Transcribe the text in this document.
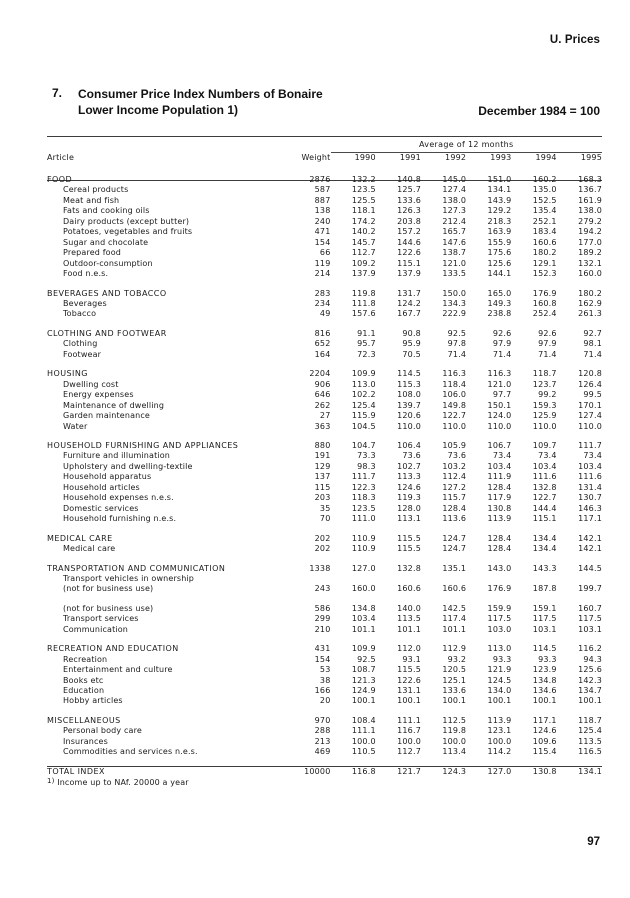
U. Prices
7.	Consumer Price Index Numbers of Bonaire
Lower Income Population 1)	December 1984 = 100
		Average of 12 months					

Article	Weight	1990	1991	1992	1993	1994	1995

FOOD	2876	132.2	140.8	145.0	151.0	160.2	168.3
Cereal products	587	123.5	125.7	127.4	134.1	135.0	136.7
Meat and fish	887	125.5	133.6	138.0	143.9	152.5	161.9
Fats and cooking oils	138	118.1	126.3	127.3	129.2	135.4	138.0
Dairy products (except butter)	240	174.2	203.8	212.4	218.3	252.1	279.2
Potatoes, vegetables and fruits	471	140.2	157.2	165.7	163.9	183.4	194.2
Sugar and chocolate	154	145.7	144.6	147.6	155.9	160.6	177.0
Prepared food	66	112.7	122.6	138.7	175.6	180.2	189.2
Outdoor-consumption	119	109.2	115.1	121.0	125.6	129.1	132.1
Food n.e.s.	214	137.9	137.9	133.5	144.1	152.3	160.0

BEVERAGES AND TOBACCO	283	119.8	131.7	150.0	165.0	176.9	180.2
Beverages	234	111.8	124.2	134.3	149.3	160.8	162.9
Tobacco	49	157.6	167.7	222.9	238.8	252.4	261.3

CLOTHING AND FOOTWEAR	816	91.1	90.8	92.5	92.6	92.6	92.7
Clothing	652	95.7	95.9	97.8	97.9	97.9	98.1
Footwear	164	72.3	70.5	71.4	71.4	71.4	71.4

HOUSING	2204	109.9	114.5	116.3	116.3	118.7	120.8
Dwelling cost	906	113.0	115.3	118.4	121.0	123.7	126.4
Energy expenses	646	102.2	108.0	106.0	97.7	99.2	99.5
Maintenance of dwelling	262	125.4	139.7	149.8	150.1	159.3	170.1
Garden maintenance	27	115.9	120.6	122.7	124.0	125.9	127.4
Water	363	104.5	110.0	110.0	110.0	110.0	110.0

HOUSEHOLD FURNISHING AND APPLIANCES	880	104.7	106.4	105.9	106.7	109.7	111.7
Furniture and illumination	191	73.3	73.6	73.6	73.4	73.4	73.4
Upholstery and dwelling-textile	129	98.3	102.7	103.2	103.4	103.4	103.4
Household apparatus	137	111.7	113.3	112.4	111.9	111.6	111.6
Household articles	115	122.3	124.6	127.2	128.4	132.8	131.4
Household expenses n.e.s.	203	118.3	119.3	115.7	117.9	122.7	130.7
Domestic services	35	123.5	128.0	128.4	130.8	144.4	146.3
Household furnishing n.e.s.	70	111.0	113.1	113.6	113.9	115.1	117.1

MEDICAL CARE	202	110.9	115.5	124.7	128.4	134.4	142.1
Medical care	202	110.9	115.5	124.7	128.4	134.4	142.1

TRANSPORTATION AND COMMUNICATION	1338	127.0	132.8	135.1	143.0	143.3	144.5
Transport vehicles in ownership							
(not for business use)	243	160.0	160.6	160.6	176.9	187.8	199.7

(not for business use)	586	134.8	140.0	142.5	159.9	159.1	160.7
Transport services	299	103.4	113.5	117.4	117.5	117.5	117.5
Communication	210	101.1	101.1	101.1	103.0	103.1	103.1

RECREATION AND EDUCATION	431	109.9	112.0	112.9	113.0	114.5	116.2
Recreation	154	92.5	93.1	93.2	93.3	93.3	94.3
Entertainment and culture	53	108.7	115.5	120.5	121.9	123.9	125.6
Books etc	38	121.3	122.6	125.1	124.5	134.8	142.3
Education	166	124.9	131.1	133.6	134.0	134.6	134.7
Hobby articles	20	100.1	100.1	100.1	100.1	100.1	100.1

MISCELLANEOUS	970	108.4	111.1	112.5	113.9	117.1	118.7
Personal body care	288	111.1	116.7	119.8	123.1	124.6	125.4
Insurances	213	100.0	100.0	100.0	100.0	109.6	113.5
Commodities and services n.e.s.	469	110.5	112.7	113.4	114.2	115.4	116.5

TOTAL INDEX	10000	116.8	121.7	124.3	127.0	130.8	134.1
$^{1)}$ Income up to NAf. 20000 a year
97
